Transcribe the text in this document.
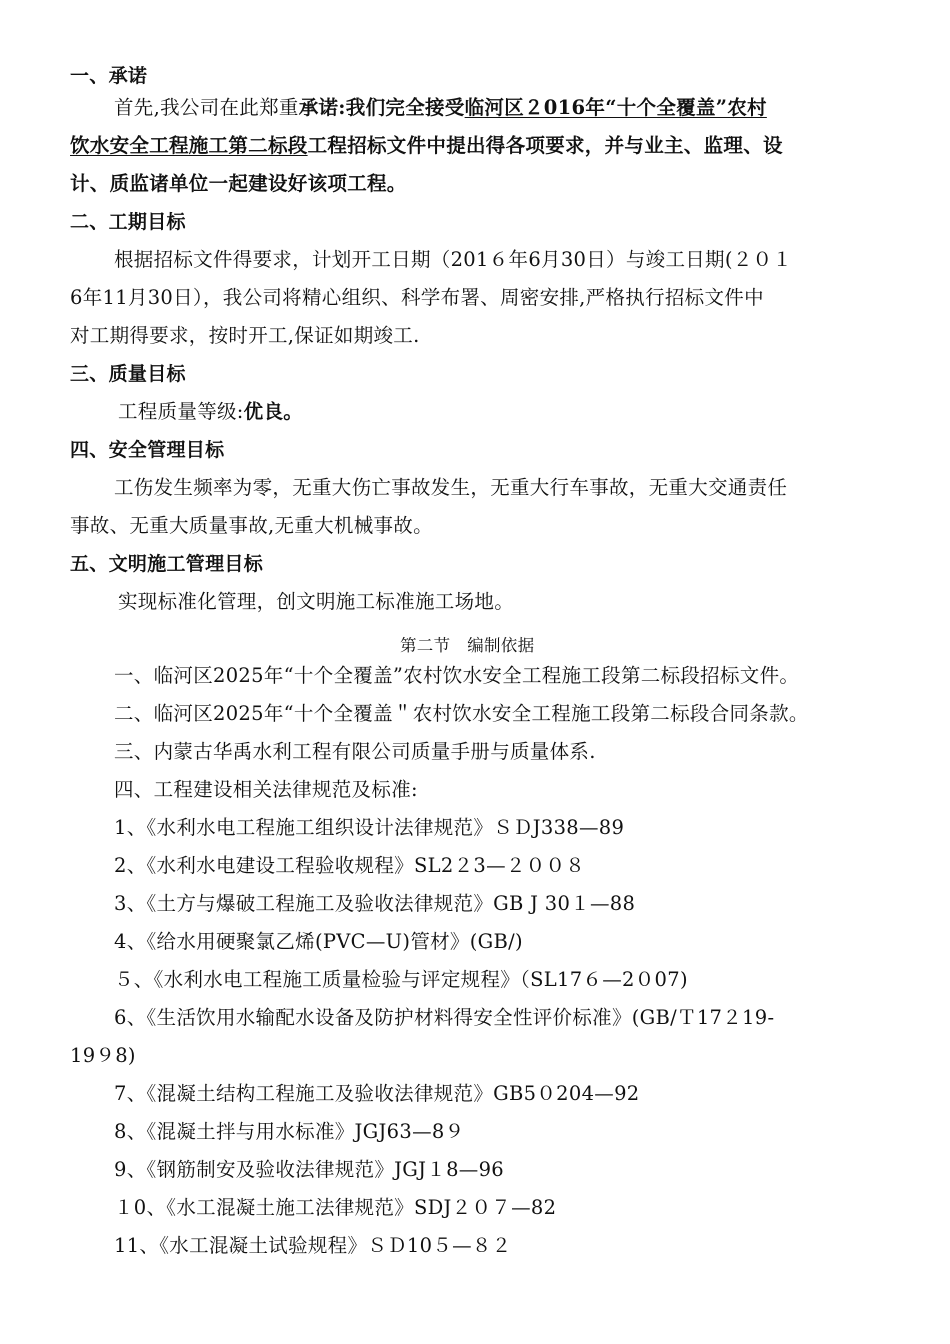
一、承诺
首先,我公司在此郑重承诺:我们完全接受临河区２016年“十个全覆盖”农村
饮水安全工程施工第二标段工程招标文件中提出得各项要求，并与业主、监理、设
计、质监诸单位一起建设好该项工程。
二、工期目标
根据招标文件得要求，计划开工日期（201６年6月30日）与竣工日期(２０１
6年11月30日），我公司将精心组织、科学布署、周密安排,严格执行招标文件中
对工期得要求，按时开工,保证如期竣工.
三、质量目标
工程质量等级:优良。
四、安全管理目标
工伤发生频率为零，无重大伤亡事故发生，无重大行车事故，无重大交通责任
事故、无重大质量事故,无重大机械事故。
五、文明施工管理目标
实现标准化管理，创文明施工标准施工场地。
第二节　编制依据
一、临河区2025年“十个全覆盖”农村饮水安全工程施工段第二标段招标文件。
二、临河区2025年“十个全覆盖＂农村饮水安全工程施工段第二标段合同条款。
三、内蒙古华禹水利工程有限公司质量手册与质量体系.
四、工程建设相关法律规范及标准:
1、《水利水电工程施工组织设计法律规范》ＳＤJ338—89
2、《水利水电建设工程验收规程》SL2２3—２００８
3、《土方与爆破工程施工及验收法律规范》GB J 30１—88
4、《给水用硬聚氯乙烯(PVC—U)管材》(GB/)
５、《水利水电工程施工质量检验与评定规程》（SL17６—2０07)
6、《生活饮用水输配水设备及防护材料得安全性评价标准》(GB/Ｔ17２19-
19９8)
7、《混凝土结构工程施工及验收法律规范》GB5０204—92
8、《混凝土拌与用水标准》JGJ63—8９
9、《钢筋制安及验收法律规范》JGJ１8—96
１0、《水工混凝土施工法律规范》SDJ２０７—82
11、《水工混凝土试验规程》ＳＤ10５—８２
